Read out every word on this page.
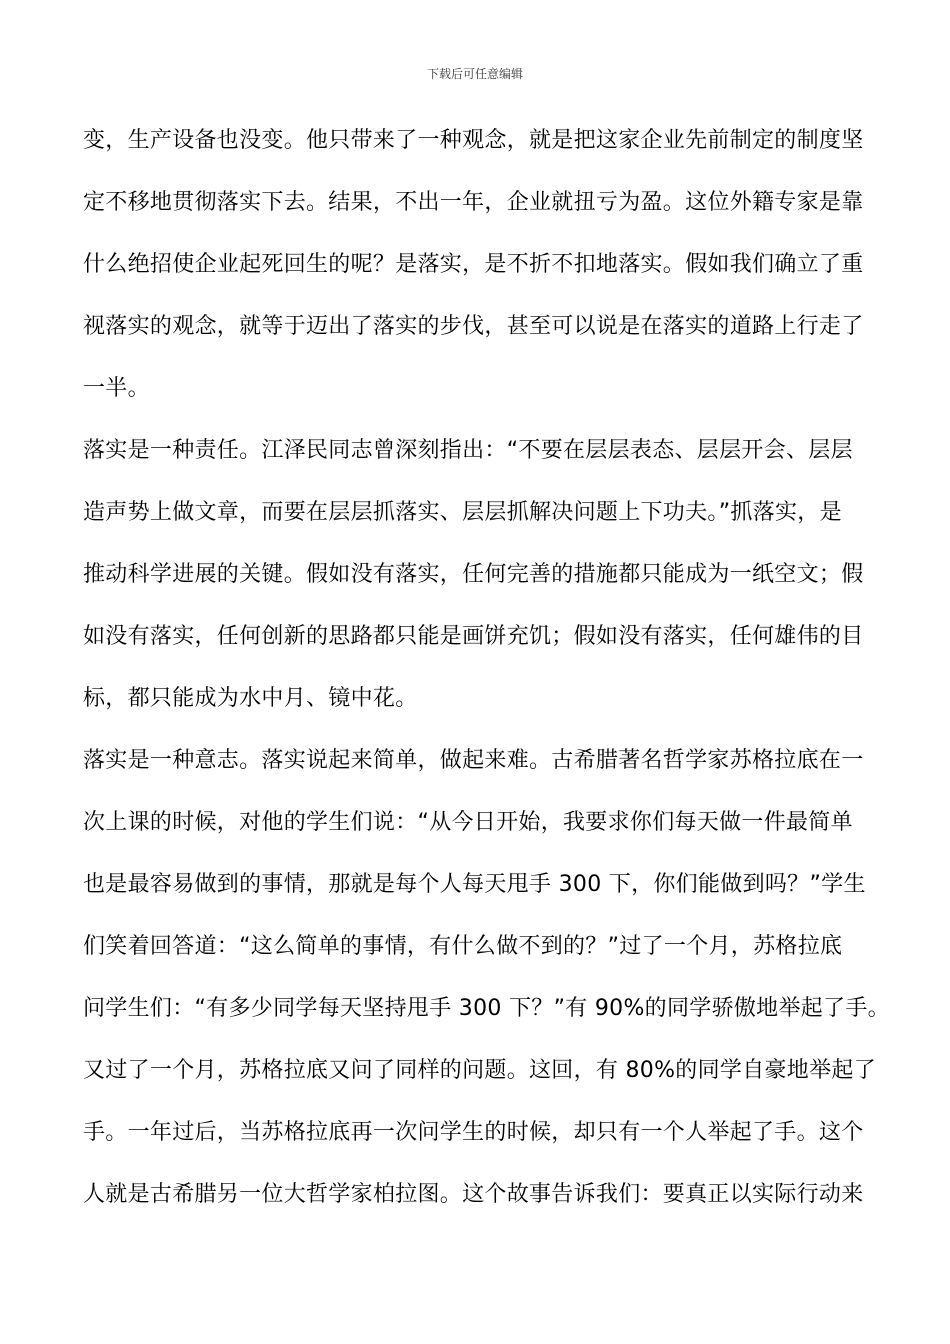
下载后可任意编辑
变，生产设备也没变。他只带来了一种观念，就是把这家企业先前制定的制度坚
定不移地贯彻落实下去。结果，不出一年，企业就扭亏为盈。这位外籍专家是靠
什么绝招使企业起死回生的呢？是落实，是不折不扣地落实。假如我们确立了重
视落实的观念，就等于迈出了落实的步伐，甚至可以说是在落实的道路上行走了
一半。
落实是一种责任。江泽民同志曾深刻指出：“不要在层层表态、层层开会、层层
造声势上做文章，而要在层层抓落实、层层抓解决问题上下功夫。”抓落实，是
推动科学进展的关键。假如没有落实，任何完善的措施都只能成为一纸空文；假
如没有落实，任何创新的思路都只能是画饼充饥；假如没有落实，任何雄伟的目
标，都只能成为水中月、镜中花。
落实是一种意志。落实说起来简单，做起来难。古希腊著名哲学家苏格拉底在一
次上课的时候，对他的学生们说：“从今日开始，我要求你们每天做一件最简单
也是最容易做到的事情，那就是每个人每天甩手 300 下，你们能做到吗？”学生
们笑着回答道：“这么简单的事情，有什么做不到的？”过了一个月，苏格拉底
问学生们：“有多少同学每天坚持甩手 300 下？”有 90%的同学骄傲地举起了手。
又过了一个月，苏格拉底又问了同样的问题。这回，有 80%的同学自豪地举起了
手。一年过后，当苏格拉底再一次问学生的时候，却只有一个人举起了手。这个
人就是古希腊另一位大哲学家柏拉图。这个故事告诉我们：要真正以实际行动来
